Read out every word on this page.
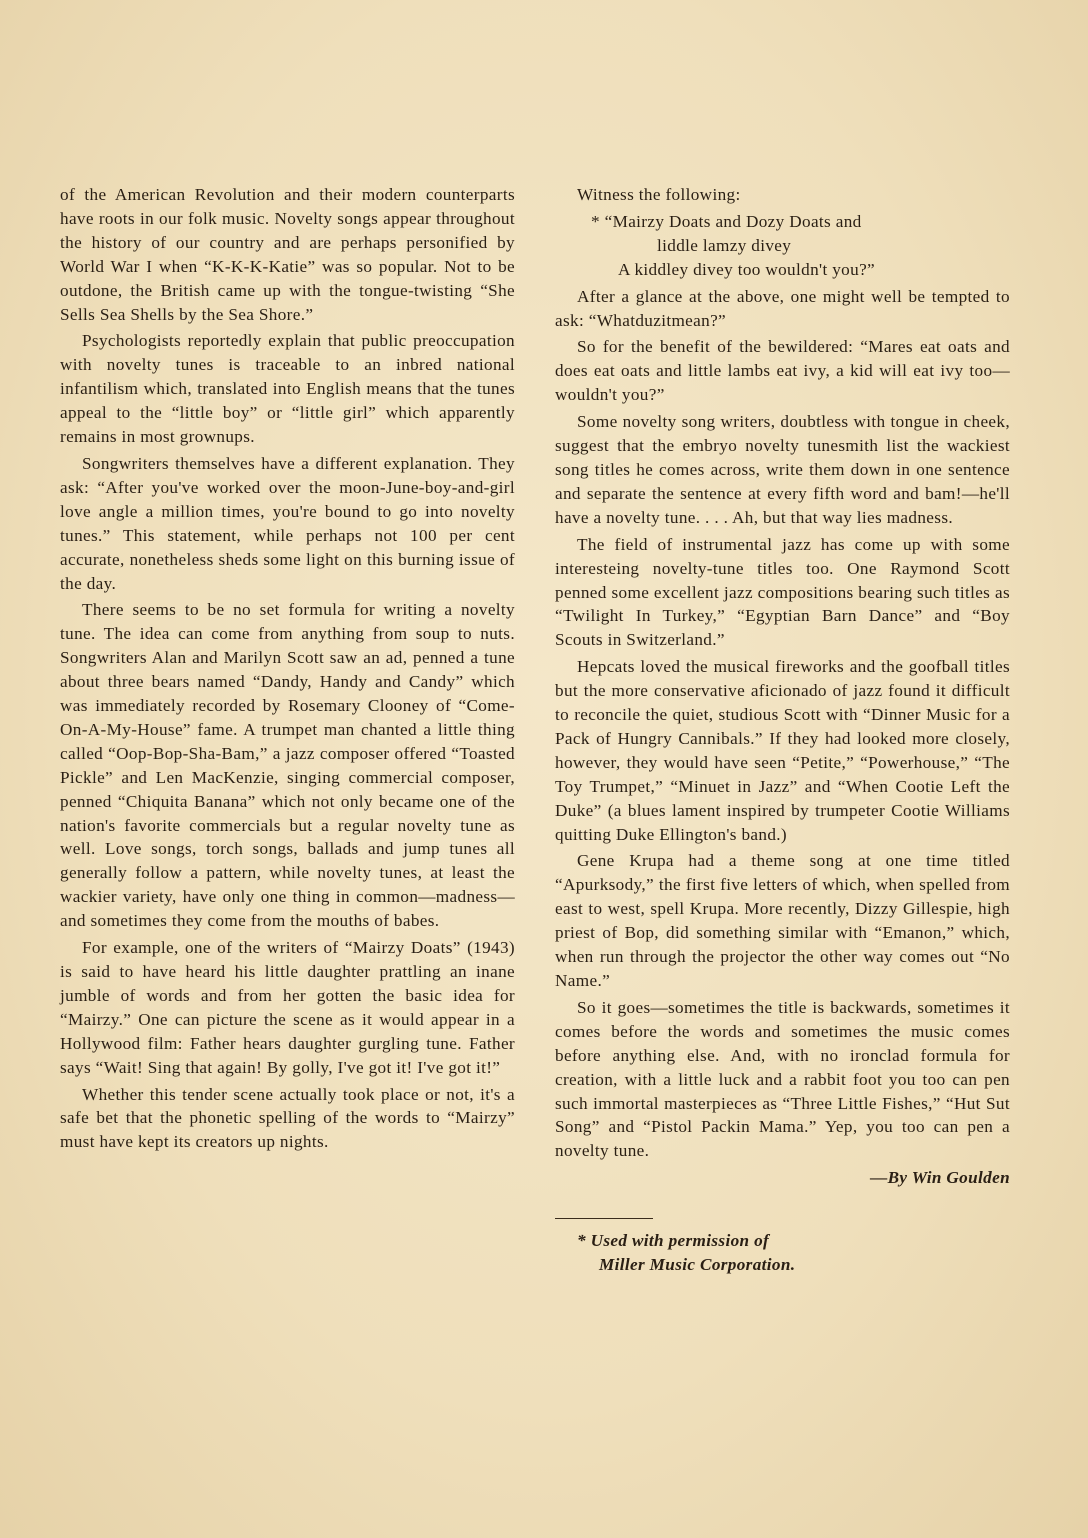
of the American Revolution and their modern counterparts have roots in our folk music. Novelty songs appear throughout the history of our country and are perhaps personified by World War I when “K-K-K-Katie” was so popular. Not to be outdone, the British came up with the tongue-twisting “She Sells Sea Shells by the Sea Shore.”

Psychologists reportedly explain that public preoccupation with novelty tunes is traceable to an inbred national infantilism which, translated into English means that the tunes appeal to the “little boy” or “little girl” which apparently remains in most grownups.

Songwriters themselves have a different explanation. They ask: “After you've worked over the moon-June-boy-and-girl love angle a million times, you're bound to go into novelty tunes.” This statement, while perhaps not 100 per cent accurate, nonetheless sheds some light on this burning issue of the day.

There seems to be no set formula for writing a novelty tune. The idea can come from anything from soup to nuts. Songwriters Alan and Marilyn Scott saw an ad, penned a tune about three bears named “Dandy, Handy and Candy” which was immediately recorded by Rosemary Clooney of “Come-On-A-My-House” fame. A trumpet man chanted a little thing called “Oop-Bop-Sha-Bam,” a jazz composer offered “Toasted Pickle” and Len MacKenzie, singing commercial composer, penned “Chiquita Banana” which not only became one of the nation's favorite commercials but a regular novelty tune as well. Love songs, torch songs, ballads and jump tunes all generally follow a pattern, while novelty tunes, at least the wackier variety, have only one thing in common—madness—and sometimes they come from the mouths of babes.

For example, one of the writers of “Mairzy Doats” (1943) is said to have heard his little daughter prattling an inane jumble of words and from her gotten the basic idea for “Mairzy.” One can picture the scene as it would appear in a Hollywood film: Father hears daughter gurgling tune. Father says “Wait! Sing that again! By golly, I've got it! I've got it!”

Whether this tender scene actually took place or not, it's a safe bet that the phonetic spelling of the words to “Mairzy” must have kept its creators up nights.

Witness the following:

* “Mairzy Doats and Dozy Doats and
liddle lamzy divey
A kiddley divey too wouldn't you?”

After a glance at the above, one might well be tempted to ask: “Whatduzitmean?”

So for the benefit of the bewildered: “Mares eat oats and does eat oats and little lambs eat ivy, a kid will eat ivy too—wouldn't you?”

Some novelty song writers, doubtless with tongue in cheek, suggest that the embryo novelty tunesmith list the wackiest song titles he comes across, write them down in one sentence and separate the sentence at every fifth word and bam!—he'll have a novelty tune. . . . Ah, but that way lies madness.

The field of instrumental jazz has come up with some interesteing novelty-tune titles too. One Raymond Scott penned some excellent jazz compositions bearing such titles as “Twilight In Turkey,” “Egyptian Barn Dance” and “Boy Scouts in Switzerland.”

Hepcats loved the musical fireworks and the goofball titles but the more conservative aficionado of jazz found it difficult to reconcile the quiet, studious Scott with “Dinner Music for a Pack of Hungry Cannibals.” If they had looked more closely, however, they would have seen “Petite,” “Powerhouse,” “The Toy Trumpet,” “Minuet in Jazz” and “When Cootie Left the Duke” (a blues lament inspired by trumpeter Cootie Williams quitting Duke Ellington's band.)

Gene Krupa had a theme song at one time titled “Apurksody,” the first five letters of which, when spelled from east to west, spell Krupa. More recently, Dizzy Gillespie, high priest of Bop, did something similar with “Emanon,” which, when run through the projector the other way comes out “No Name.”

So it goes—sometimes the title is backwards, sometimes it comes before the words and sometimes the music comes before anything else. And, with no ironclad formula for creation, with a little luck and a rabbit foot you too can pen such immortal masterpieces as “Three Little Fishes,” “Hut Sut Song” and “Pistol Packin Mama.” Yep, you too can pen a novelty tune.

—By Win Goulden

* Used with permission of
Miller Music Corporation.
